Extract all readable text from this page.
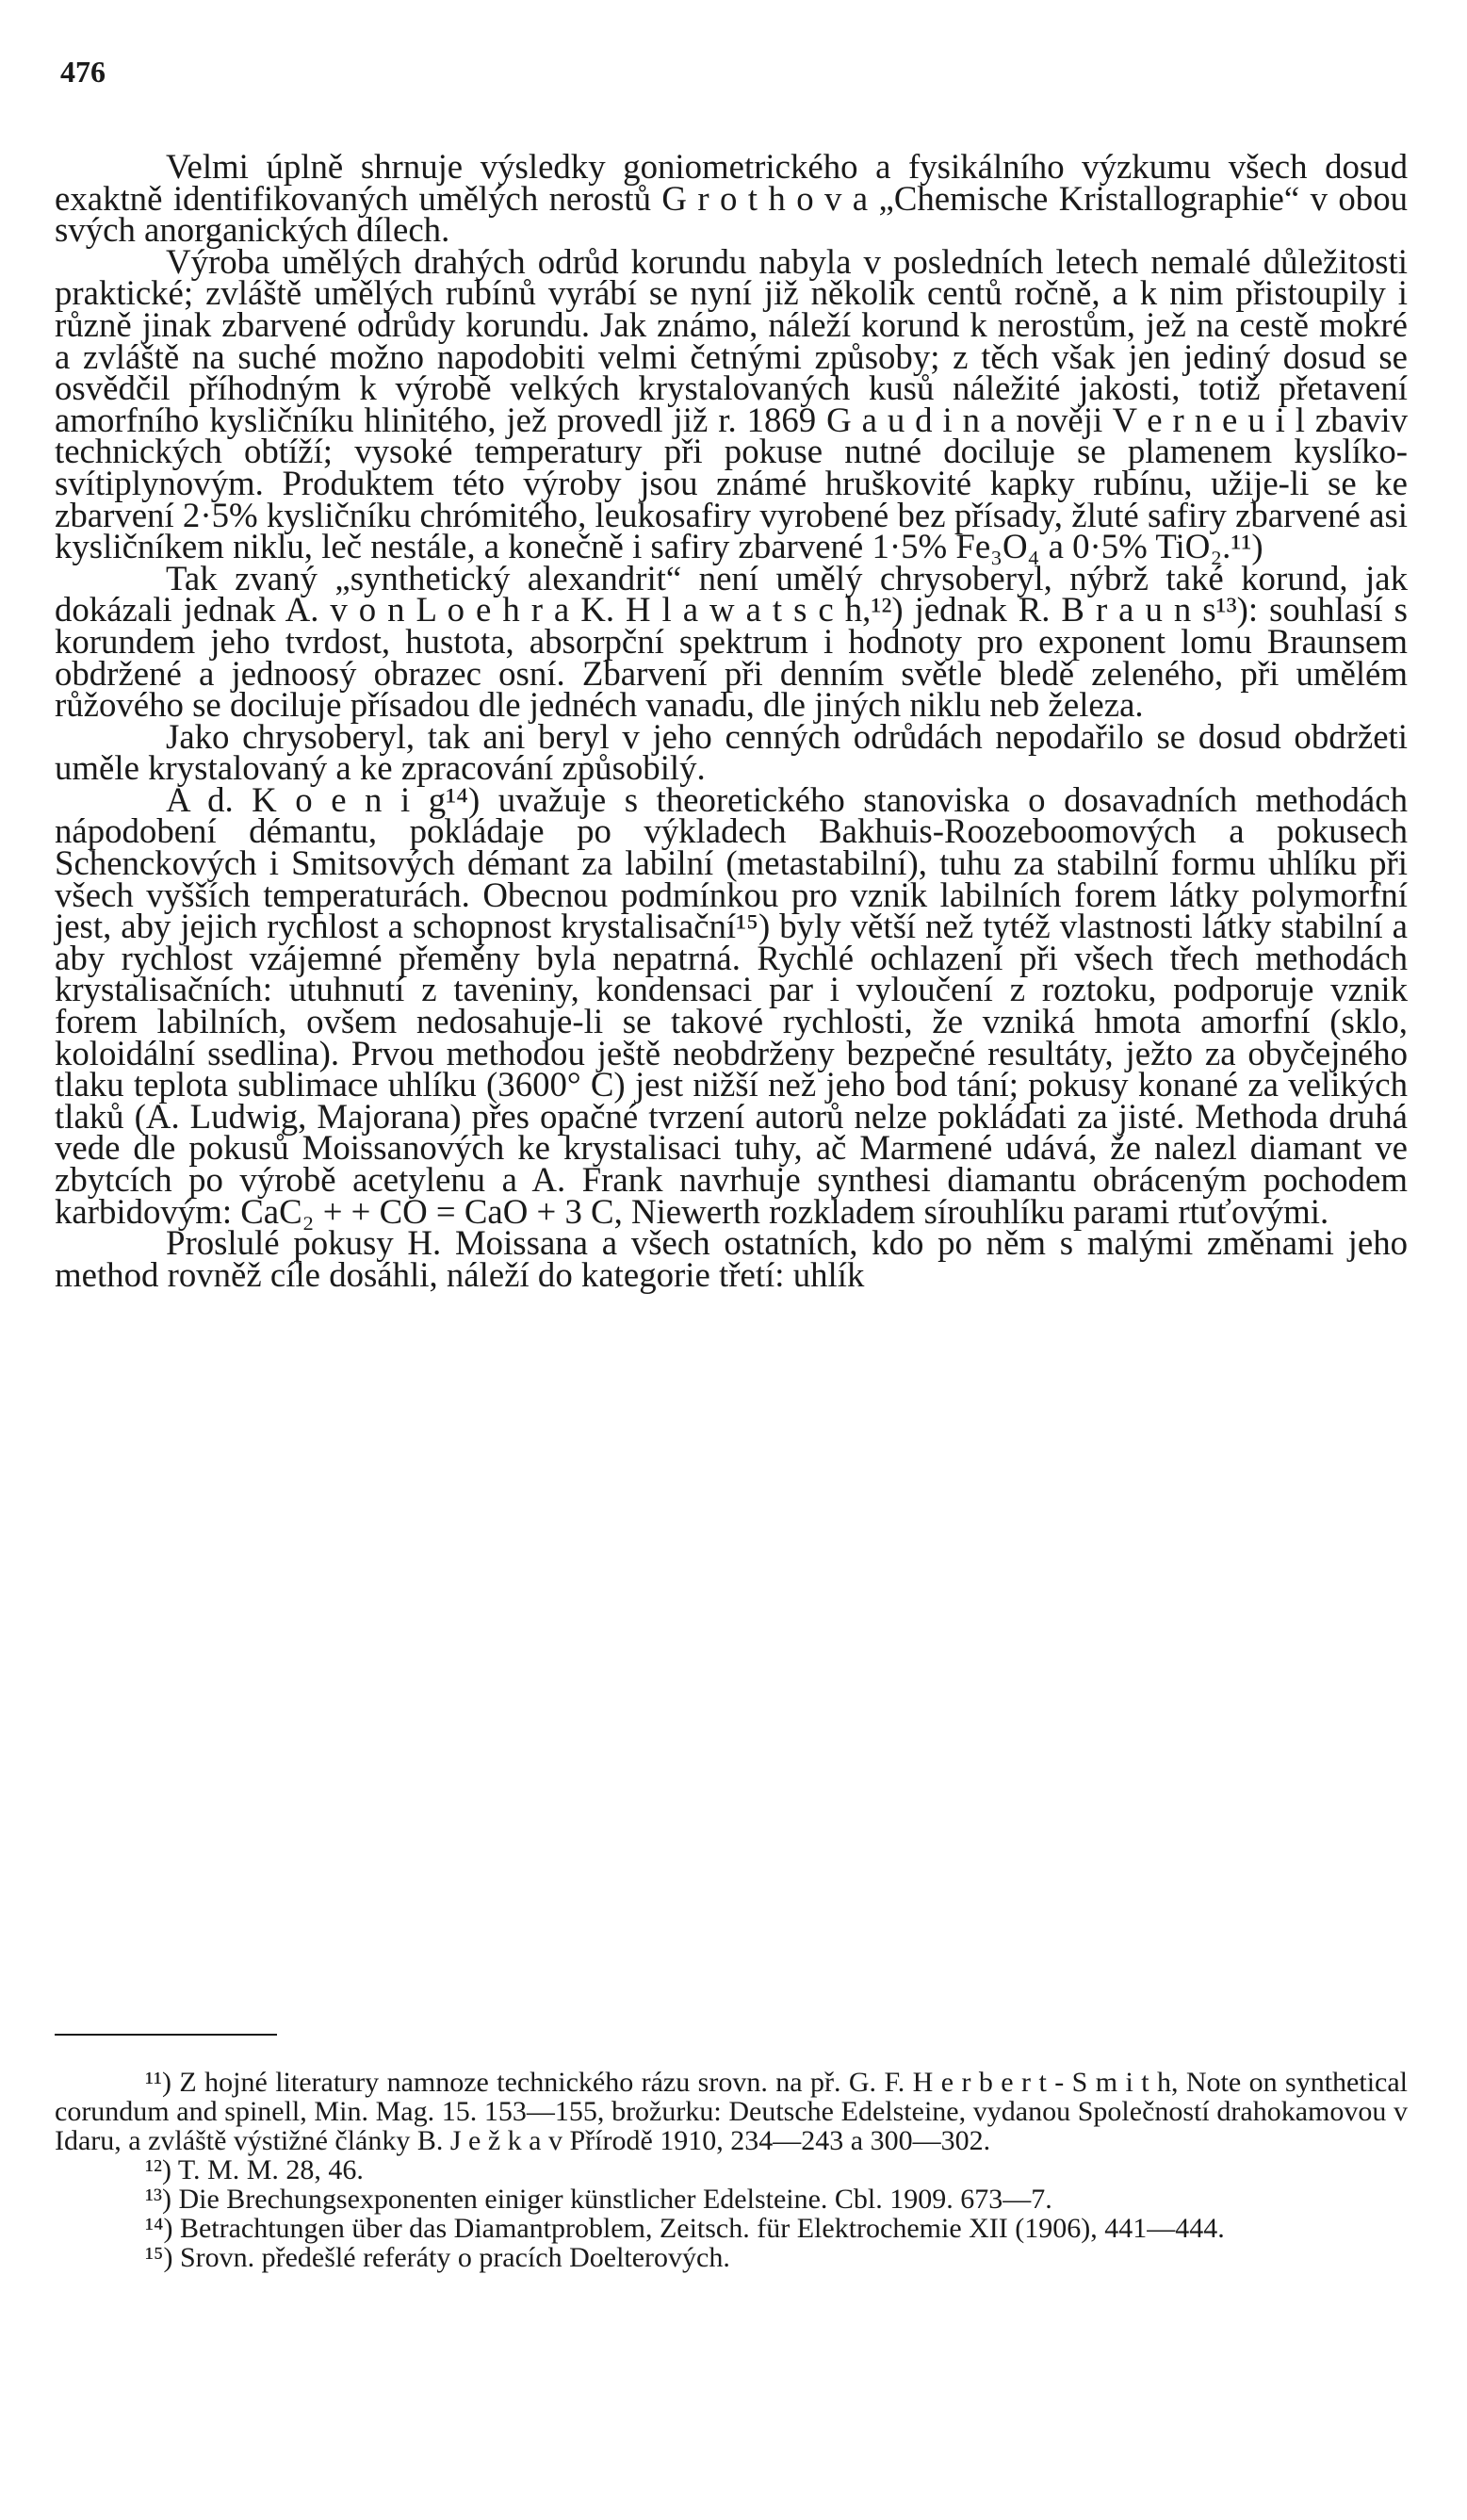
476

Velmi úplně shrnuje výsledky goniometrického a fysikálního výzkumu všech dosud exaktně identifikovaných umělých nerostů G r o t h o v a „Chemische Kristallographie“ v obou svých anorganických dílech.

Výroba umělých drahých odrůd korundu nabyla v posledních letech nemalé důležitosti praktické; zvláště umělých rubínů vyrábí se nyní již několik centů ročně, a k nim přistoupily i různě jinak zbarvené odrůdy korundu. Jak známo, náleží korund k nerostům, jež na cestě mokré a zvláště na suché možno napodobiti velmi četnými způsoby; z těch však jen jediný dosud se osvědčil příhodným k výrobě velkých krystalovaných kusů náležité jakosti, totiž přetavení amorfního kysličníku hlinitého, jež provedl již r. 1869 G a u d i n a nověji V e r n e u i l zbaviv technických obtíží; vysoké temperatury při pokuse nutné dociluje se plamenem kyslíko-svítiplynovým. Produktem této výroby jsou známé hruškovité kapky rubínu, užije-li se ke zbarvení 2·5% kysličníku chrómitého, leukosafiry vyrobené bez přísady, žluté safiry zbarvené asi kysličníkem niklu, leč nestále, a konečně i safiry zbarvené 1·5% Fe₃O₄ a 0·5% TiO₂.¹¹)

Tak zvaný „synthetický alexandrit“ není umělý chrysoberyl, nýbrž také korund, jak dokázali jednak A. v o n L o e h r a K. H l a w a t s c h,¹²) jednak R. B r a u n s¹³): souhlasí s korundem jeho tvrdost, hustota, absorpční spektrum i hodnoty pro exponent lomu Braunsem obdržené a jednoosý obrazec osní. Zbarvení při denním světle bledě zeleného, při umělém růžového se dociluje přísadou dle jednéch vanadu, dle jiných niklu neb železa.

Jako chrysoberyl, tak ani beryl v jeho cenných odrůdách nepodařilo se dosud obdržeti uměle krystalovaný a ke zpracování způsobilý.

A d. K o e n i g¹⁴) uvažuje s theoretického stanoviska o dosavadních methodách nápodobení démantu, pokládaje po výkladech Bakhuis-Roozeboomových a pokusech Schenckových i Smitsových démant za labilní (metastabilní), tuhu za stabilní formu uhlíku při všech vyšších temperaturách. Obecnou podmínkou pro vznik labilních forem látky polymorfní jest, aby jejich rychlost a schopnost krystalisační¹⁵) byly větší než tytéž vlastnosti látky stabilní a aby rychlost vzájemné přeměny byla nepatrná. Rychlé ochlazení při všech třech methodách krystalisačních: utuhnutí z taveniny, kondensaci par i vyloučení z roztoku, podporuje vznik forem labilních, ovšem nedosahuje-li se takové rychlosti, že vzniká hmota amorfní (sklo, koloidální ssedlina). Prvou methodou ještě neobdrženy bezpečné resultáty, ježto za obyčejného tlaku teplota sublimace uhlíku (3600° C) jest nižší než jeho bod tání; pokusy konané za velikých tlaků (A. Ludwig, Majorana) přes opačné tvrzení autorů nelze pokládati za jisté. Methoda druhá vede dle pokusů Moissanových ke krystalisaci tuhy, ač Marmené udává, že nalezl diamant ve zbytcích po výrobě acetylenu a A. Frank navrhuje synthesi diamantu obráceným pochodem karbidovým: CaC₂ + + CO = CaO + 3 C, Niewerth rozkladem sírouhlíku parami rtuťovými.

Proslulé pokusy H. Moissana a všech ostatních, kdo po něm s malými změnami jeho method rovněž cíle dosáhli, náleží do kategorie třetí: uhlík

¹¹) Z hojné literatury namnoze technického rázu srovn. na př. G. F. H e r b e r t - S m i t h, Note on synthetical corundum and spinell, Min. Mag. 15. 153—155, brožurku: Deutsche Edelsteine, vydanou Společností drahokamovou v Idaru, a zvláště výstižné články B. J e ž k a v Přírodě 1910, 234—243 a 300—302.

¹²) T. M. M. 28, 46.

¹³) Die Brechungsexponenten einiger künstlicher Edelsteine. Cbl. 1909. 673—7.

¹⁴) Betrachtungen über das Diamantproblem, Zeitsch. für Elektrochemie XII (1906), 441—444.

¹⁵) Srovn. předešlé referáty o pracích Doelterových.
